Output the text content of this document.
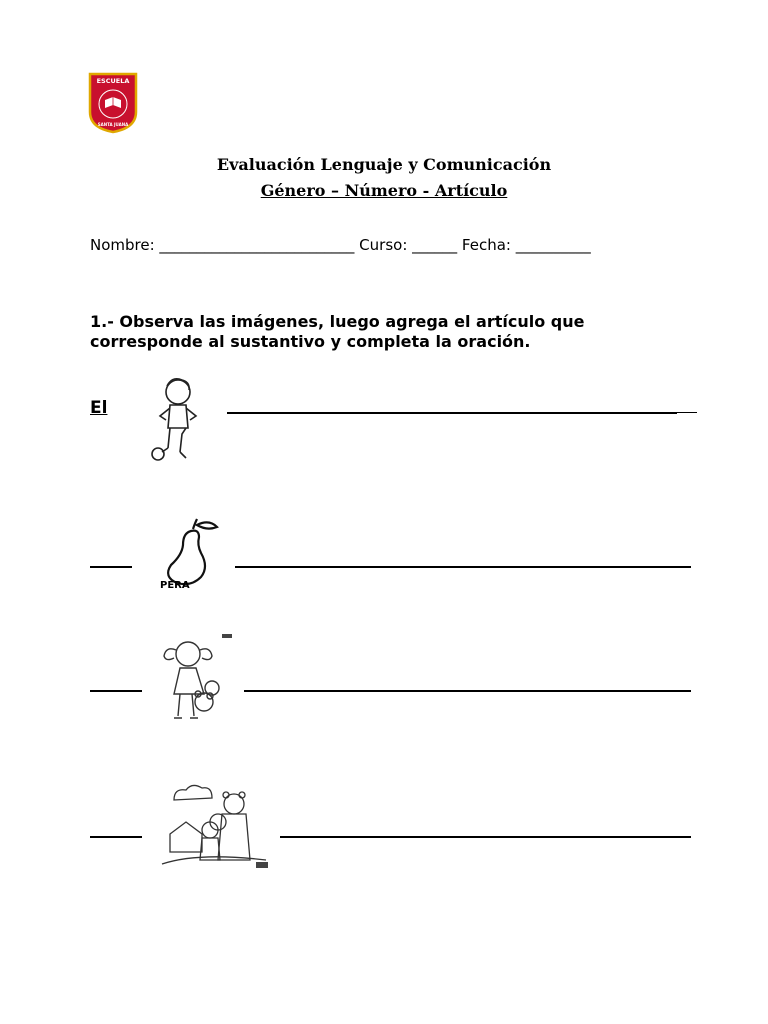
ESCUELA
SANTA JUANA
Evaluación Lenguaje y Comunicación
Género – Número - Artículo
Nombre: __________________________ Curso: ______ Fecha: __________
1.- Observa las imágenes, luego agrega el artículo que corresponde al sustantivo y completa la oración.
El
PERA
